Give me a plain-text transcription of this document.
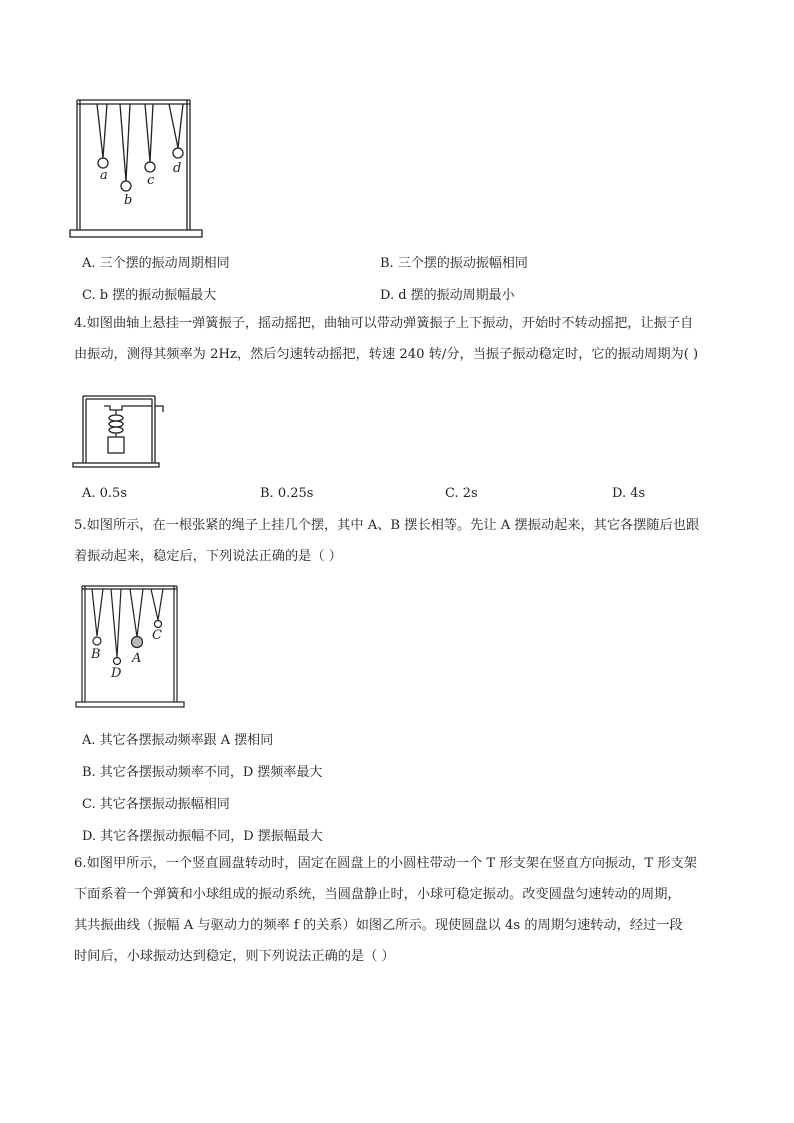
a
b
c
d
A. 三个摆的振动周期相同	B. 三个摆的振动振幅相同
C. b 摆的振动振幅最大	D. d 摆的振动周期最小
4.如图曲轴上悬挂一弹簧振子，摇动摇把，曲轴可以带动弹簧振子上下振动，开始时不转动摇把，让振子自
由振动，测得其频率为 2Hz，然后匀速转动摇把，转速 240 转/分，当振子振动稳定时，它的振动周期为( )
A. 0.5s	B. 0.25s	C. 2s	D. 4s
5.如图所示，在一根张紧的绳子上挂几个摆，其中 A、B 摆长相等。先让 A 摆振动起来，其它各摆随后也跟
着振动起来，稳定后，下列说法正确的是（ ）
B
D
A
C
A. 其它各摆振动频率跟 A 摆相同
B. 其它各摆振动频率不同，D 摆频率最大
C. 其它各摆振动振幅相同
D. 其它各摆振动振幅不同，D 摆振幅最大
6.如图甲所示，一个竖直圆盘转动时，固定在圆盘上的小圆柱带动一个 T 形支架在竖直方向振动，T 形支架
下面系着一个弹簧和小球组成的振动系统，当圆盘静止时，小球可稳定振动。改变圆盘匀速转动的周期，
其共振曲线（振幅 A 与驱动力的频率 f 的关系）如图乙所示。现使圆盘以 4s 的周期匀速转动，经过一段
时间后，小球振动达到稳定，则下列说法正确的是（ ）
